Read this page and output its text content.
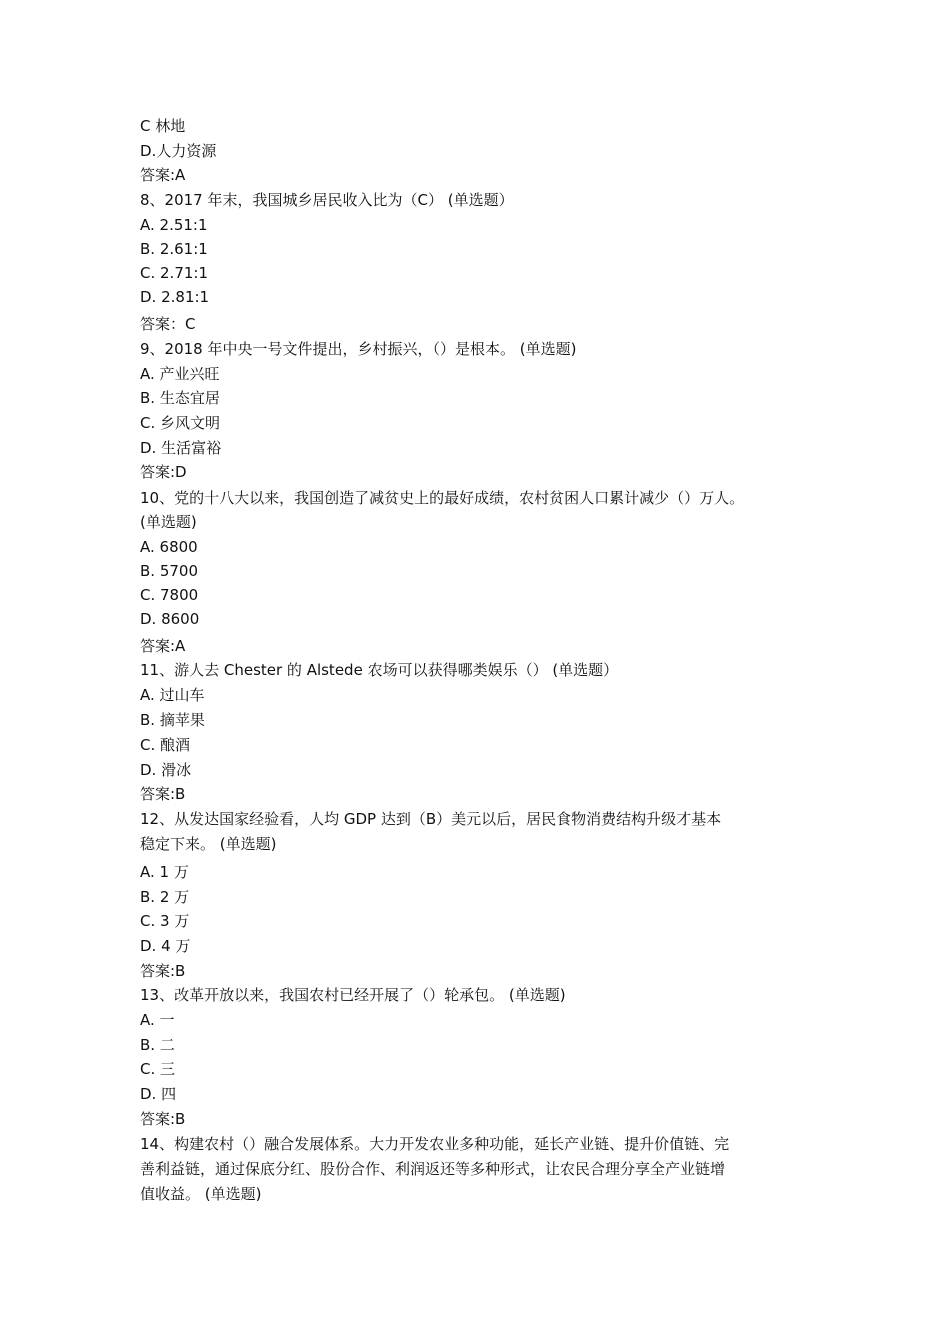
C 林地
D.人力资源
答案:A
8、2017 年末，我国城乡居民收入比为（C） (单选题）
A. 2.51:1
B. 2.61:1
C. 2.71:1
D. 2.81:1
答案：C
9、2018 年中央一号文件提出，乡村振兴，（）是根本。 (单选题)
A. 产业兴旺
B. 生态宜居
C. 乡风文明
D. 生活富裕
答案:D
10、党的十八大以来，我国创造了减贫史上的最好成绩，农村贫困人口累计减少（）万人。
(单选题)
A. 6800
B. 5700
C. 7800
D. 8600
答案:A
11、游人去 Chester 的 Alstede 农场可以获得哪类娱乐（） (单选题）
A. 过山车
B. 摘苹果
C. 酿酒
D. 滑冰
答案:B
12、从发达国家经验看，人均 GDP 达到（B）美元以后，居民食物消费结构升级才基本
稳定下来。 (单选题)
A. 1 万
B. 2 万
C. 3 万
D. 4 万
答案:B
13、改革开放以来，我国农村已经开展了（）轮承包。 (单选题)
A. 一
B. 二
C. 三
D. 四
答案:B
14、构建农村（）融合发展体系。大力开发农业多种功能，延长产业链、提升价值链、完
善利益链，通过保底分红、股份合作、利润返还等多种形式，让农民合理分享全产业链增
值收益。 (单选题)
